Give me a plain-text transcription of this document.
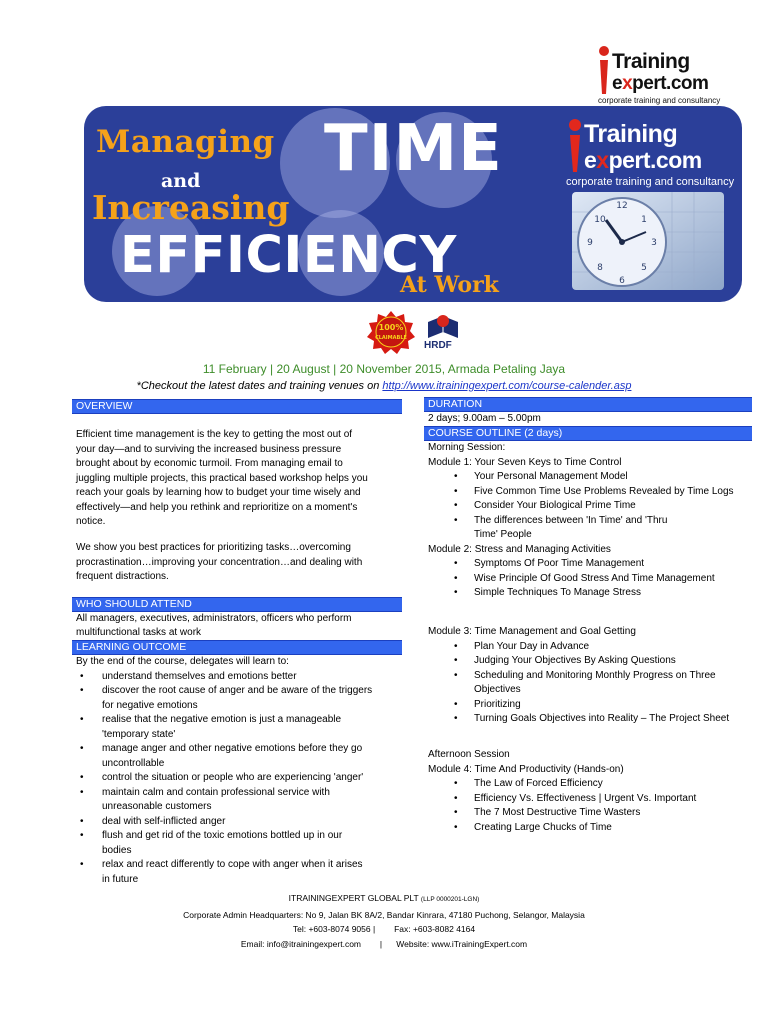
Training
expert.com
corporate training and consultancy
Managing TIME
and
Increasing
EFFICIENCY
At Work
Training
expert.com
corporate training and consultancy
12
3
6
9
10	1
8	5
100%
CLAIMABLE
HRDF
11 February | 20 August | 20 November 2015, Armada Petaling Jaya
*Checkout the latest dates and training venues on http://www.itrainingexpert.com/course-calender.asp
OVERVIEW
Efficient time management is the key to getting the most out of
your day—and to surviving the increased business pressure
brought about by economic turmoil. From managing email to
juggling multiple projects, this practical based workshop helps you
reach your goals by learning how to budget your time wisely and
effectively—and help you rethink and reprioritize on a moment's
notice.
We show you best practices for prioritizing tasks…overcoming
procrastination…improving your concentration…and dealing with
frequent distractions.
WHO SHOULD ATTEND
All managers, executives, administrators, officers who perform
multifunctional tasks at work
LEARNING OUTCOME
By the end of the course, delegates will learn to:
• understand themselves and emotions better
• discover the root cause of anger and be aware of the triggers
for negative emotions
• realise that the negative emotion is just a manageable
'temporary state'
• manage anger and other negative emotions before they go
uncontrollable
• control the situation or people who are experiencing 'anger'
• maintain calm and contain professional service with
unreasonable customers
• deal with self-inflicted anger
• flush and get rid of the toxic emotions bottled up in our
bodies
• relax and react differently to cope with anger when it arises
in future
DURATION
2 days; 9.00am – 5.00pm
COURSE OUTLINE (2 days)
Morning Session:
Module 1: Your Seven Keys to Time Control
• Your Personal Management Model
• Five Common Time Use Problems Revealed by Time Logs
• Consider Your Biological Prime Time
• The differences between 'In Time' and 'Thru
Time' People
Module 2: Stress and Managing Activities
• Symptoms Of Poor Time Management
• Wise Principle Of Good Stress And Time Management
• Simple Techniques To Manage Stress
Module 3: Time Management and Goal Getting
• Plan Your Day in Advance
• Judging Your Objectives By Asking Questions
• Scheduling and Monitoring Monthly Progress on Three
Objectives
• Prioritizing
• Turning Goals Objectives into Reality – The Project Sheet
Afternoon Session
Module 4: Time And Productivity (Hands-on)
• The Law of Forced Efficiency
• Efficiency Vs. Effectiveness | Urgent Vs. Important
• The 7 Most Destructive Time Wasters
• Creating Large Chucks of Time
ITRAININGEXPERT GLOBAL PLT (LLP 0000201-LGN)
Corporate Admin Headquarters: No 9, Jalan BK 8A/2, Bandar Kinrara, 47180 Puchong, Selangor, Malaysia
Tel: +603-8074 9056 |        Fax: +603-8082 4164
Email: info@itrainingexpert.com        |      Website: www.iTrainingExpert.com
